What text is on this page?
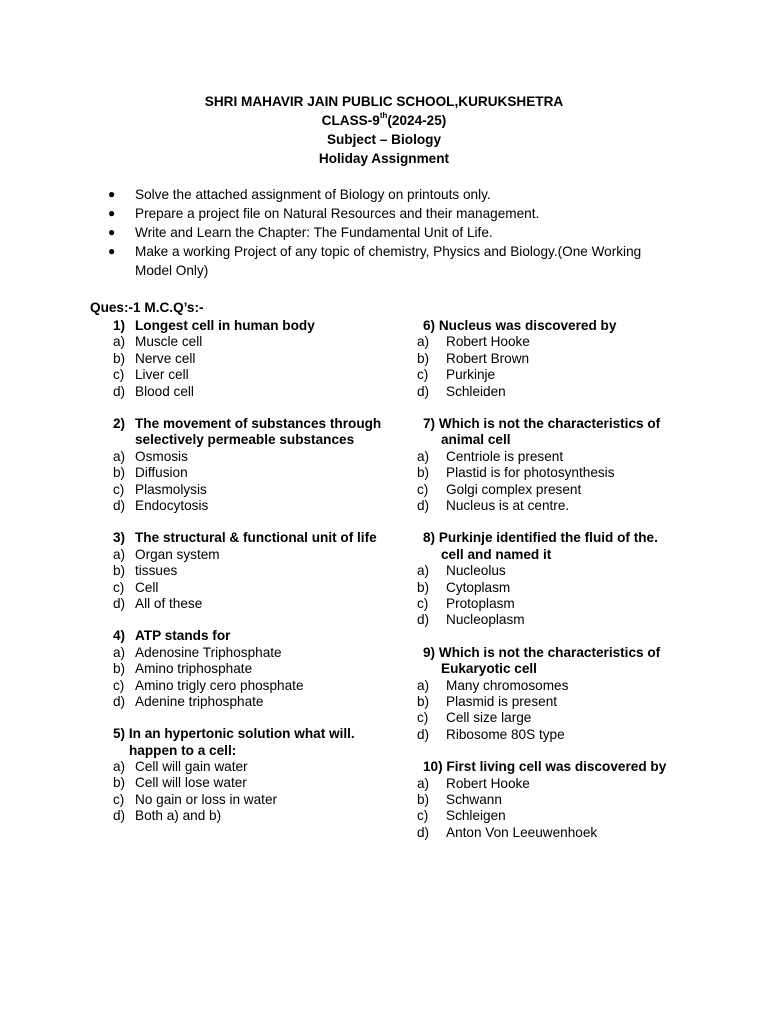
SHRI MAHAVIR JAIN PUBLIC SCHOOL,KURUKSHETRA
CLASS-9th(2024-25)
Subject – Biology
Holiday Assignment
● Solve the attached assignment of Biology on printouts only.
● Prepare a project file on Natural Resources and their management.
● Write and Learn the Chapter: The Fundamental Unit of Life.
● Make a working Project of any topic of chemistry, Physics and Biology.(One Working Model Only)
Ques:-1 M.C.Q’s:-
1) Longest cell in human body
a) Muscle cell
b) Nerve cell
c) Liver cell
d) Blood cell
2) The movement of substances through selectively permeable substances
a) Osmosis
b) Diffusion
c) Plasmolysis
d) Endocytosis
3) The structural & functional unit of life
a) Organ system
b) tissues
c) Cell
d) All of these
4) ATP stands for
a) Adenosine Triphosphate
b) Amino triphosphate
c) Amino trigly cero phosphate
d) Adenine triphosphate
5) In an hypertonic solution what will.
happen to a cell:
a) Cell will gain water
b) Cell will lose water
c) No gain or loss in water
d) Both a) and b)
6) Nucleus was discovered by
a) Robert Hooke
b) Robert Brown
c) Purkinje
d) Schleiden
7) Which is not the characteristics of
animal cell
a) Centriole is present
b) Plastid is for photosynthesis
c) Golgi complex present
d) Nucleus is at centre.
8) Purkinje identified the fluid of the.
cell and named it
a) Nucleolus
b) Cytoplasm
c) Protoplasm
d) Nucleoplasm
9) Which is not the characteristics of
Eukaryotic cell
a) Many chromosomes
b) Plasmid is present
c) Cell size large
d) Ribosome 80S type
10) First living cell was discovered by
a) Robert Hooke
b) Schwann
c) Schleigen
d) Anton Von Leeuwenhoek
